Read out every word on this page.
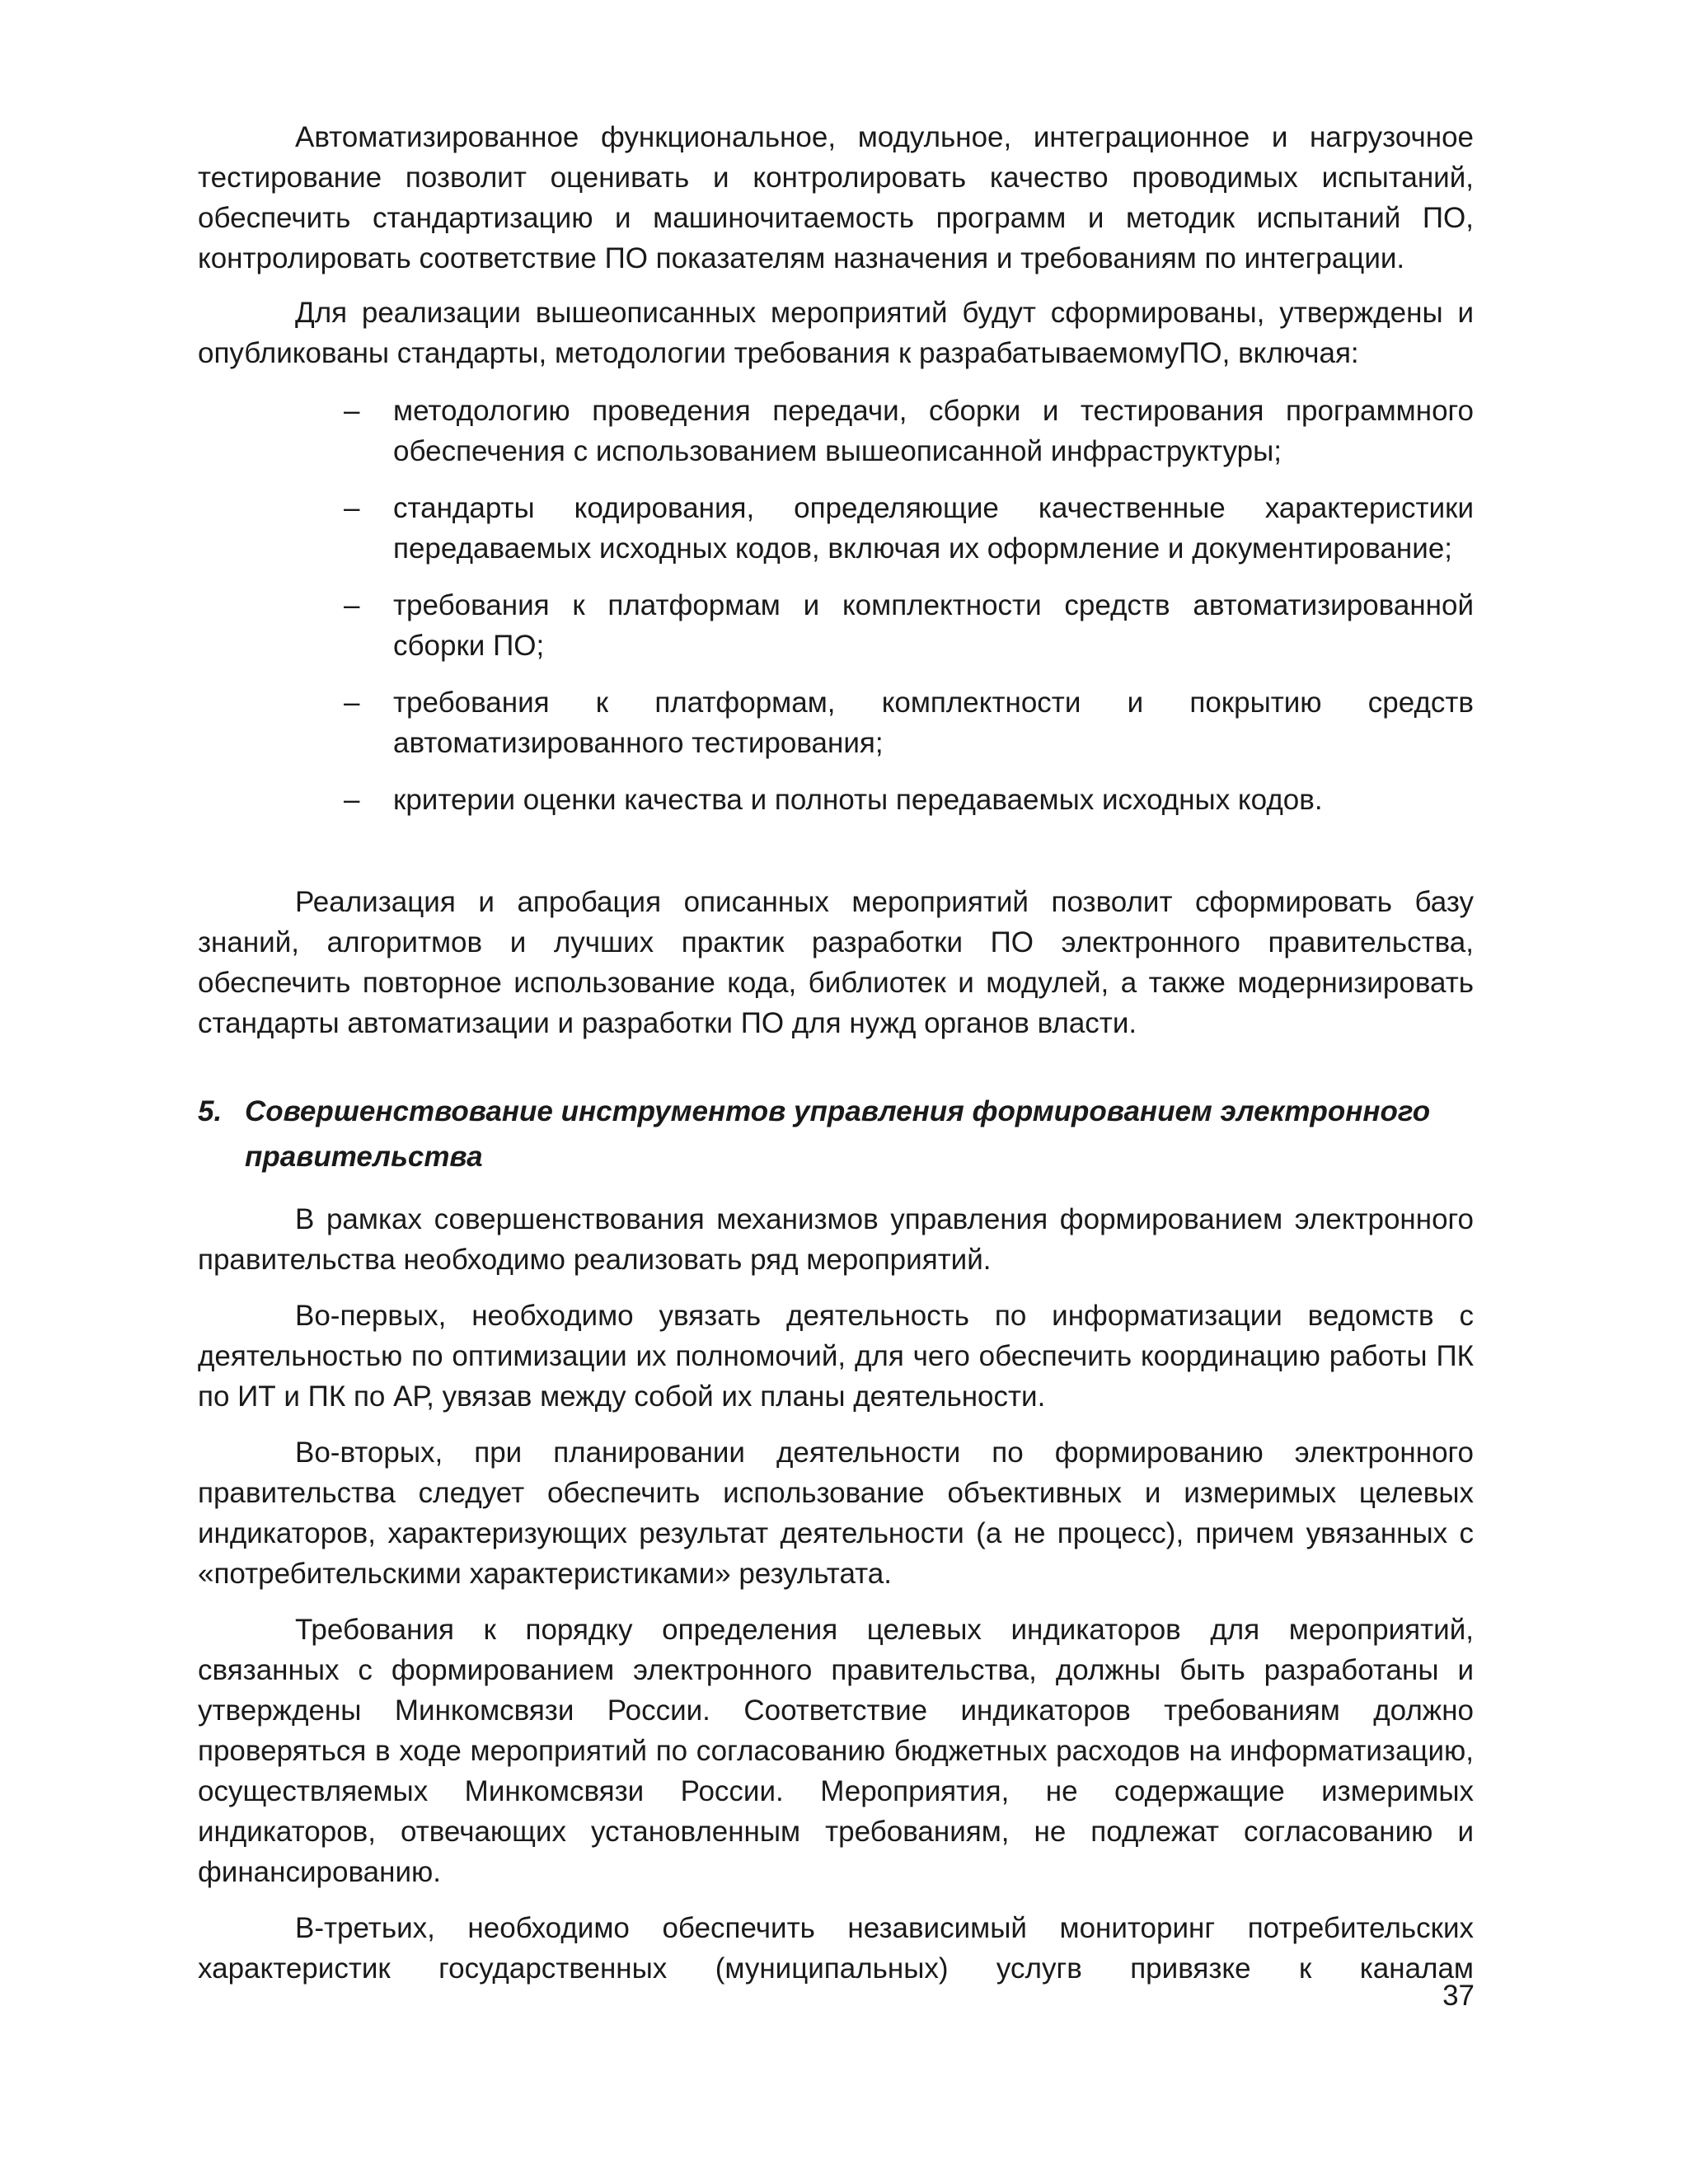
Автоматизированное функциональное, модульное, интеграционное и нагрузочное тестирование позволит оценивать и контролировать качество проводимых испытаний, обеспечить стандартизацию и машиночитаемость программ и методик испытаний ПО, контролировать соответствие ПО показателям назначения и требованиям по интеграции.

Для реализации вышеописанных мероприятий будут сформированы, утверждены и опубликованы стандарты, методологии требования к разрабатываемомуПО, включая:

– методологию проведения передачи, сборки и тестирования программного обеспечения с использованием вышеописанной инфраструктуры;
– стандарты кодирования, определяющие качественные характеристики передаваемых исходных кодов, включая их оформление и документирование;
– требования к платформам и комплектности средств автоматизированной сборки ПО;
– требования к платформам, комплектности и покрытию средств автоматизированного тестирования;
– критерии оценки качества и полноты передаваемых исходных кодов.

Реализация и апробация описанных мероприятий позволит сформировать базу знаний, алгоритмов и лучших практик разработки ПО электронного правительства, обеспечить повторное использование кода, библиотек и модулей, а также модернизировать стандарты автоматизации и разработки ПО для нужд органов власти.

5. Совершенствование инструментов управления формированием электронного правительства

В рамках совершенствования механизмов управления формированием электронного правительства необходимо реализовать ряд мероприятий.

Во-первых, необходимо увязать деятельность по информатизации ведомств с деятельностью по оптимизации их полномочий, для чего обеспечить координацию работы ПК по ИТ и ПК по АР, увязав между собой их планы деятельности.

Во-вторых, при планировании деятельности по формированию электронного правительства следует обеспечить использование объективных и измеримых целевых индикаторов, характеризующих результат деятельности (а не процесс), причем увязанных с «потребительскими характеристиками» результата.

Требования к порядку определения целевых индикаторов для мероприятий, связанных с формированием электронного правительства, должны быть разработаны и утверждены Минкомсвязи России. Соответствие индикаторов требованиям должно проверяться в ходе мероприятий по согласованию бюджетных расходов на информатизацию, осуществляемых Минкомсвязи России. Мероприятия, не содержащие измеримых индикаторов, отвечающих установленным требованиям, не подлежат согласованию и финансированию.

В-третьих, необходимо обеспечить независимый мониторинг потребительских характеристик государственных (муниципальных) услугв привязке к каналам

37
